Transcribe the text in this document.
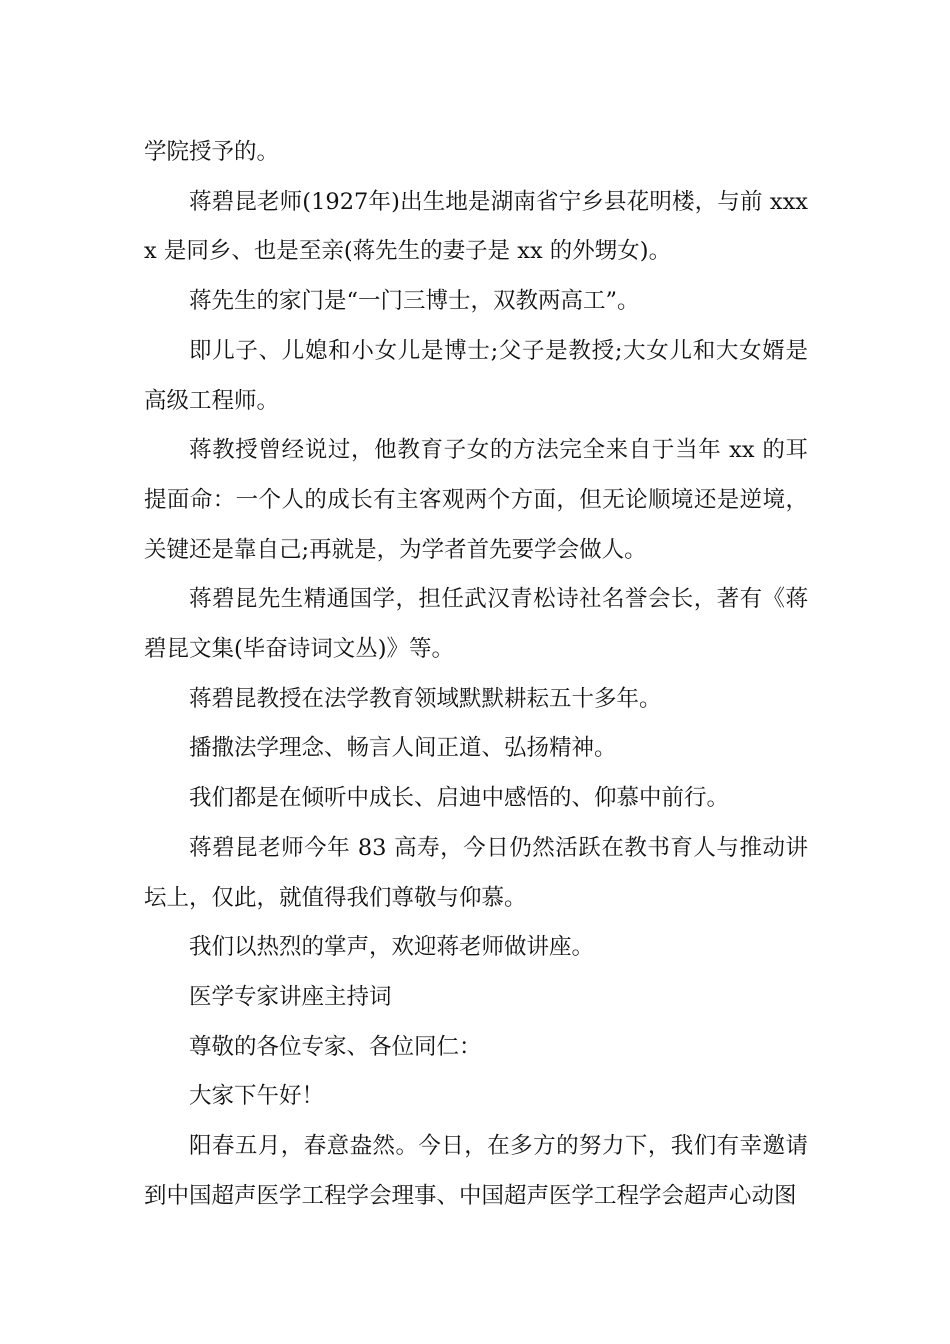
学院授予的。

蒋碧昆老师(1927年)出生地是湖南省宁乡县花明楼，与前 xxxx 是同乡、也是至亲(蒋先生的妻子是 xx 的外甥女)。

蒋先生的家门是“一门三博士，双教两高工”。

即儿子、儿媳和小女儿是博士;父子是教授;大女儿和大女婿是高级工程师。

蒋教授曾经说过，他教育子女的方法完全来自于当年 xx 的耳提面命：一个人的成长有主客观两个方面，但无论顺境还是逆境，关键还是靠自己;再就是，为学者首先要学会做人。

蒋碧昆先生精通国学，担任武汉青松诗社名誉会长，著有《蒋碧昆文集(毕奋诗词文丛)》等。

蒋碧昆教授在法学教育领域默默耕耘五十多年。

播撒法学理念、畅言人间正道、弘扬精神。

我们都是在倾听中成长、启迪中感悟的、仰慕中前行。

蒋碧昆老师今年 83 高寿，今日仍然活跃在教书育人与推动讲坛上，仅此，就值得我们尊敬与仰慕。

我们以热烈的掌声，欢迎蒋老师做讲座。

医学专家讲座主持词

尊敬的各位专家、各位同仁：

大家下午好！

阳春五月，春意盎然。今日，在多方的努力下，我们有幸邀请到中国超声医学工程学会理事、中国超声医学工程学会超声心动图
